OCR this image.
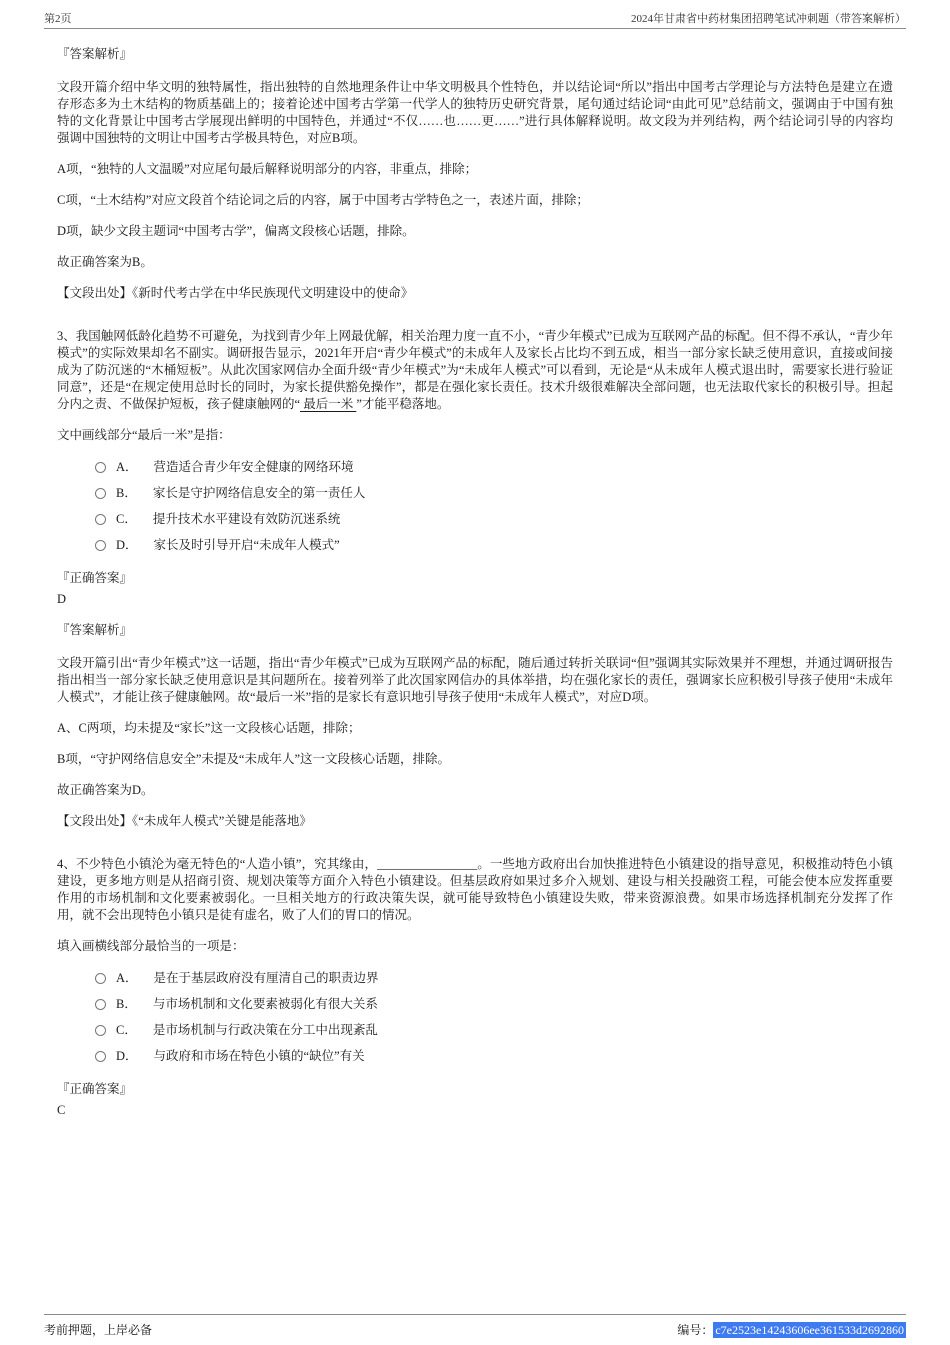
第2页	2024年甘肃省中药材集团招聘笔试冲刺题（带答案解析）
『答案解析』
文段开篇介绍中华文明的独特属性，指出独特的自然地理条件让中华文明极具个性特色，并以结论词“所以”指出中国考古学理论与方法特色是建立在遗存形态多为土木结构的物质基础上的；接着论述中国考古学第一代学人的独特历史研究背景，尾句通过结论词“由此可见”总结前文，强调由于中国有独特的文化背景让中国考古学展现出鲜明的中国特色，并通过“不仅……也……更……”进行具体解释说明。故文段为并列结构，两个结论词引导的内容均强调中国独特的文明让中国考古学极具特色，对应B项。
A项，“独特的人文温暖”对应尾句最后解释说明部分的内容，非重点，排除；
C项，“土木结构”对应文段首个结论词之后的内容，属于中国考古学特色之一，表述片面，排除；
D项，缺少文段主题词“中国考古学”，偏离文段核心话题，排除。
故正确答案为B。
【文段出处】《新时代考古学在中华民族现代文明建设中的使命》
3、我国触网低龄化趋势不可避免，为找到青少年上网最优解，相关治理力度一直不小，“青少年模式”已成为互联网产品的标配。但不得不承认，“青少年模式”的实际效果却名不副实。调研报告显示，2021年开启“青少年模式”的未成年人及家长占比均不到五成，相当一部分家长缺乏使用意识，直接或间接成为了防沉迷的“木桶短板”。从此次国家网信办全面升级“青少年模式”为“未成年人模式”可以看到，无论是“从未成年人模式退出时，需要家长进行验证同意”，还是“在规定使用总时长的同时，为家长提供豁免操作”，都是在强化家长责任。技术升级很难解决全部问题，也无法取代家长的积极引导。担起分内之责、不做保护短板，孩子健康触网的“ 最后一米 ”才能平稳落地。
文中画线部分“最后一米”是指：
A． 营造适合青少年安全健康的网络环境
B． 家长是守护网络信息安全的第一责任人
C． 提升技术水平建设有效防沉迷系统
D． 家长及时引导开启“未成年人模式”
『正确答案』
D
『答案解析』
文段开篇引出“青少年模式”这一话题，指出“青少年模式”已成为互联网产品的标配，随后通过转折关联词“但”强调其实际效果并不理想，并通过调研报告指出相当一部分家长缺乏使用意识是其问题所在。接着列举了此次国家网信办的具体举措，均在强化家长的责任，强调家长应积极引导孩子使用“未成年人模式”，才能让孩子健康触网。故“最后一米”指的是家长有意识地引导孩子使用“未成年人模式”，对应D项。
A、C两项，均未提及“家长”这一文段核心话题，排除；
B项，“守护网络信息安全”未提及“未成年人”这一文段核心话题，排除。
故正确答案为D。
【文段出处】《“未成年人模式”关键是能落地》
4、不少特色小镇沦为毫无特色的“人造小镇”，究其缘由，________________。一些地方政府出台加快推进特色小镇建设的指导意见，积极推动特色小镇建设，更多地方则是从招商引资、规划决策等方面介入特色小镇建设。但基层政府如果过多介入规划、建设与相关投融资工程，可能会使本应发挥重要作用的市场机制和文化要素被弱化。一旦相关地方的行政决策失误，就可能导致特色小镇建设失败，带来资源浪费。如果市场选择机制充分发挥了作用，就不会出现特色小镇只是徒有虚名，败了人们的胃口的情况。
填入画横线部分最恰当的一项是：
A． 是在于基层政府没有厘清自己的职责边界
B． 与市场机制和文化要素被弱化有很大关系
C． 是市场机制与行政决策在分工中出现紊乱
D． 与政府和市场在特色小镇的“缺位”有关
『正确答案』
C
考前押题，上岸必备	编号： c7e2523e14243606ee361533d2692860
